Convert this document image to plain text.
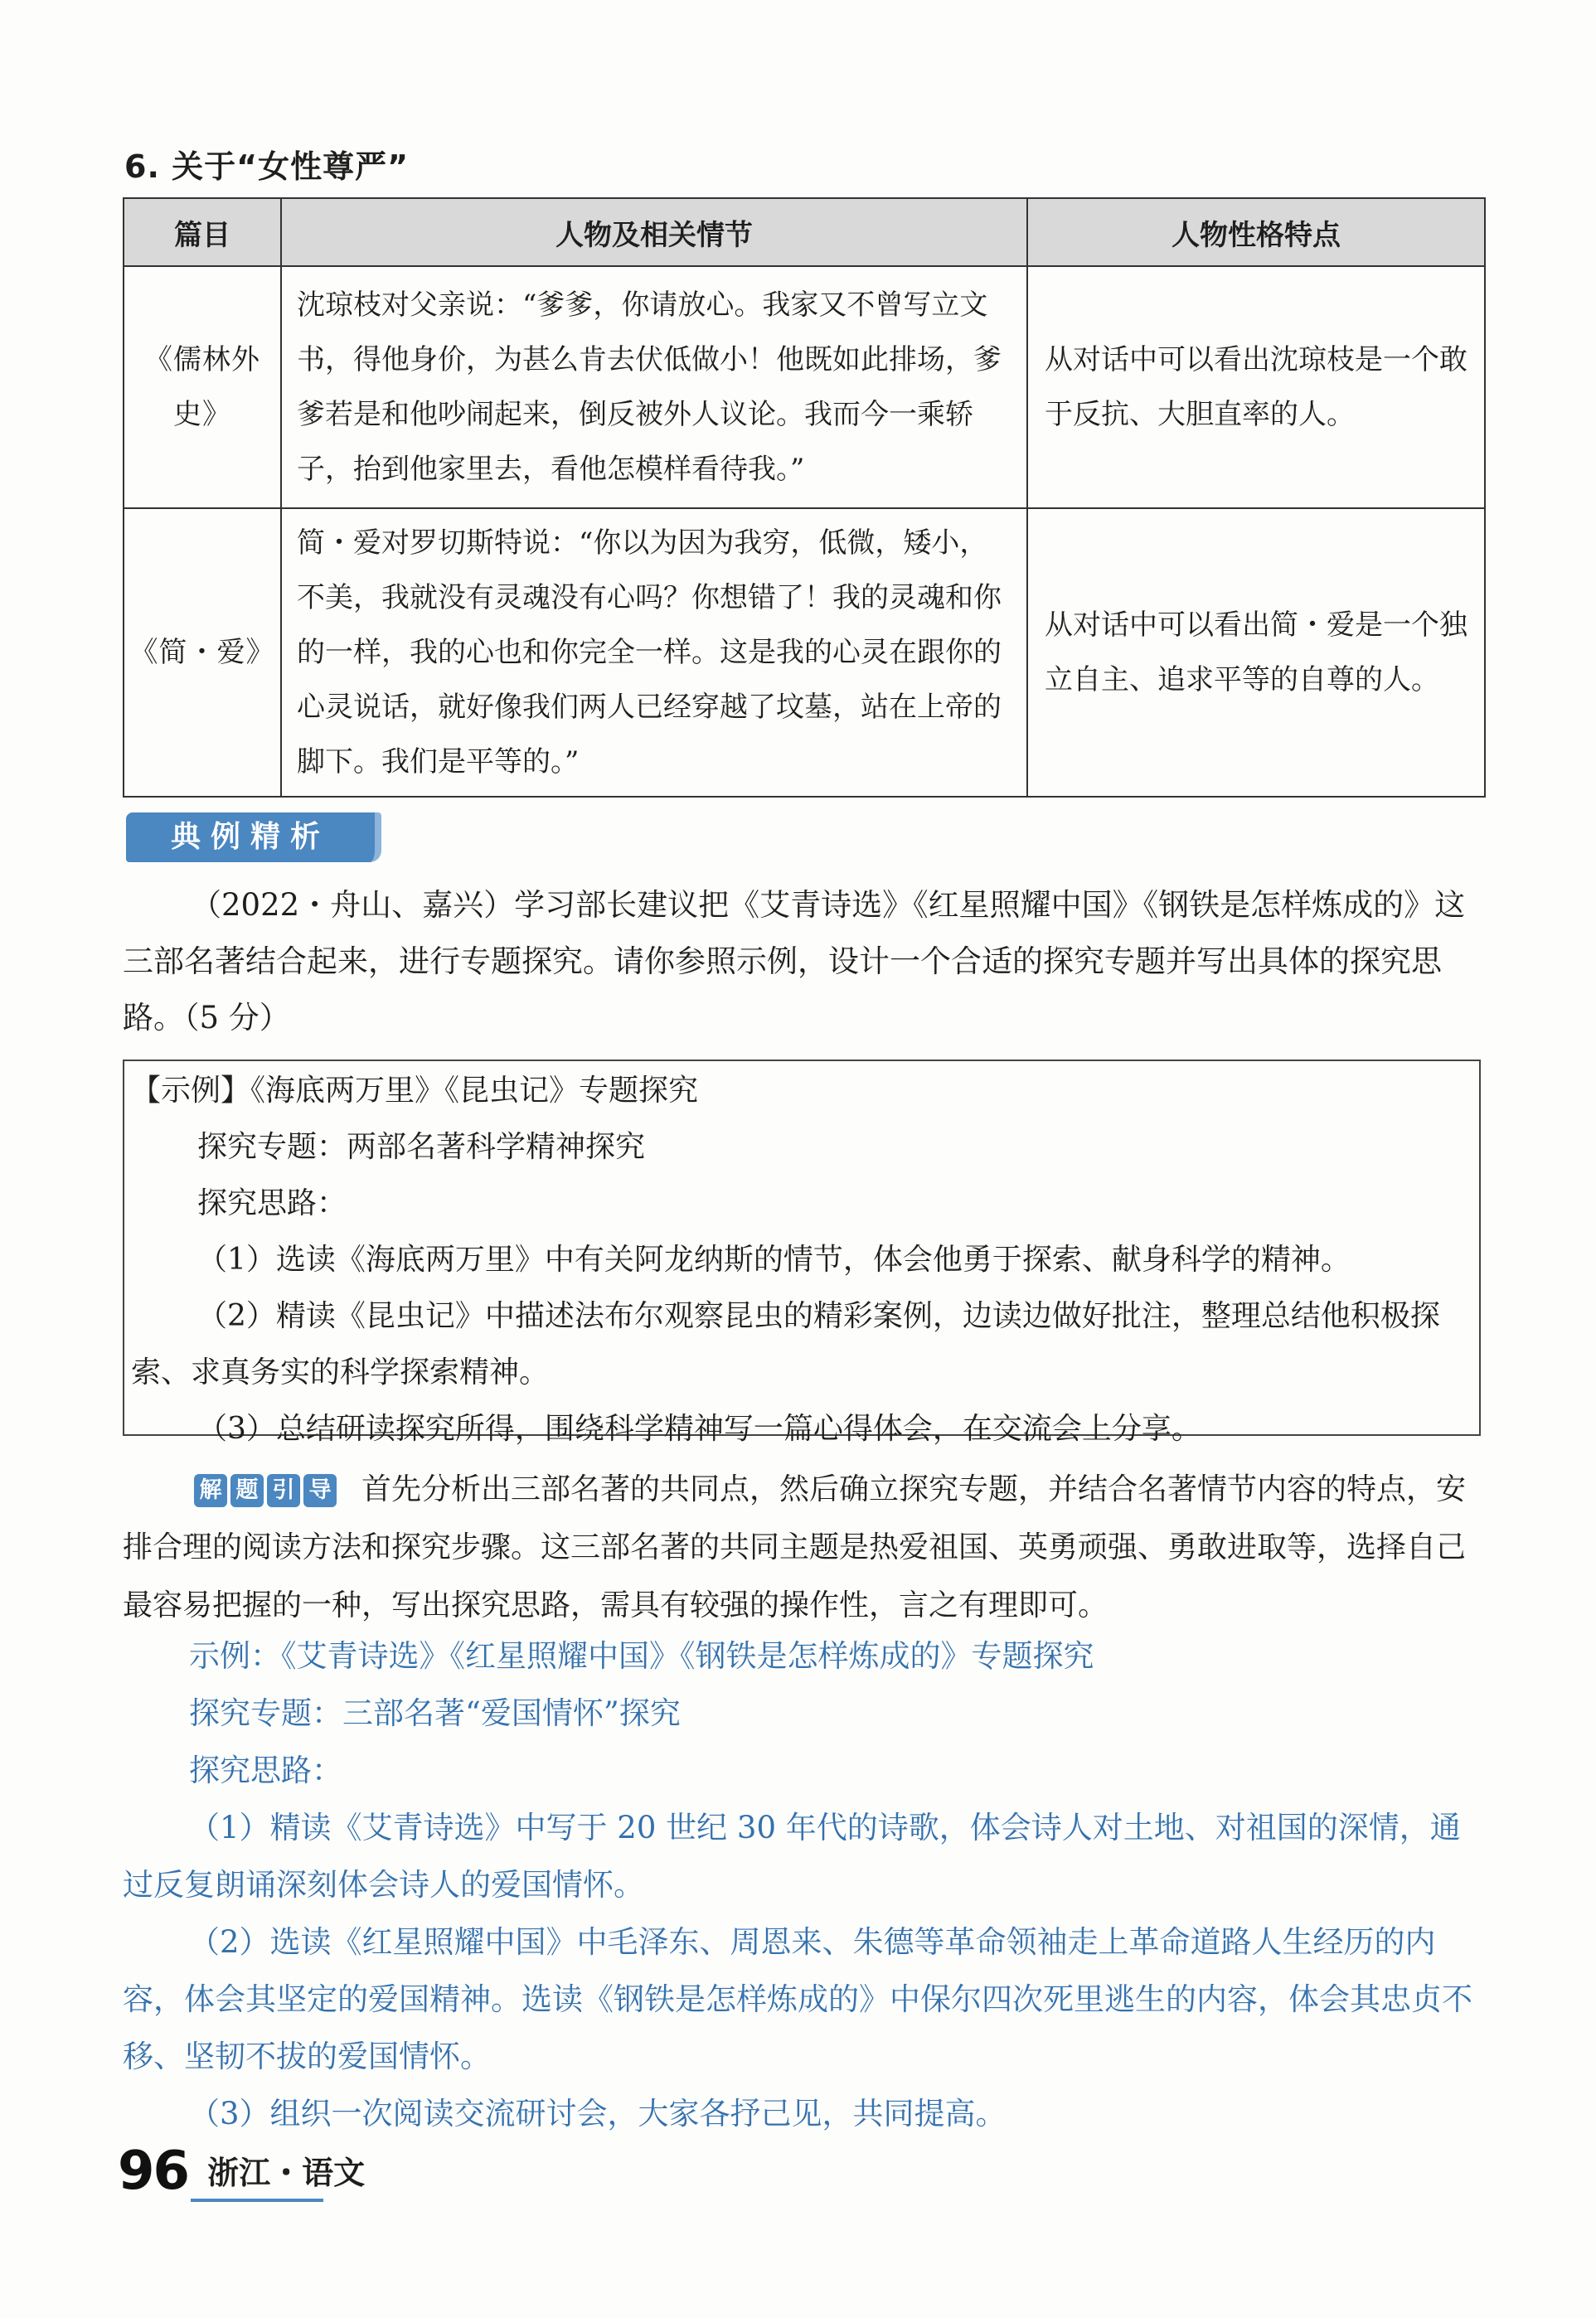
6. 关于“女性尊严”
篇目	人物及相关情节	人物性格特点
《儒林外史》	沈琼枝对父亲说：“爹爹，你请放心。我家又不曾写立文书，得他身价，为甚么肯去伏低做小！他既如此排场，爹爹若是和他吵闹起来，倒反被外人议论。我而今一乘轿子，抬到他家里去，看他怎模样看待我。”	从对话中可以看出沈琼枝是一个敢于反抗、大胆直率的人。
《简・爱》	简・爱对罗切斯特说：“你以为因为我穷，低微，矮小，不美，我就没有灵魂没有心吗？你想错了！我的灵魂和你的一样，我的心也和你完全一样。这是我的心灵在跟你的心灵说话，就好像我们两人已经穿越了坟墓，站在上帝的脚下。我们是平等的。”	从对话中可以看出简・爱是一个独立自主、追求平等的自尊的人。
典例精析
（2022・舟山、嘉兴）学习部长建议把《艾青诗选》《红星照耀中国》《钢铁是怎样炼成的》这三部名著结合起来，进行专题探究。请你参照示例，设计一个合适的探究专题并写出具体的探究思路。（5 分）

【示例】《海底两万里》《昆虫记》专题探究

探究专题：两部名著科学精神探究

探究思路：

（1）选读《海底两万里》中有关阿龙纳斯的情节，体会他勇于探索、献身科学的精神。

（2）精读《昆虫记》中描述法布尔观察昆虫的精彩案例，边读边做好批注，整理总结他积极探索、求真务实的科学探索精神。

（3）总结研读探究所得，围绕科学精神写一篇心得体会，在交流会上分享。

解 题 引 导 首先分析出三部名著的共同点，然后确立探究专题，并结合名著情节内容的特点，安排合理的阅读方法和探究步骤。这三部名著的共同主题是热爱祖国、英勇顽强、勇敢进取等，选择自己最容易把握的一种，写出探究思路，需具有较强的操作性，言之有理即可。

示例：《艾青诗选》《红星照耀中国》《钢铁是怎样炼成的》专题探究

探究专题：三部名著“爱国情怀”探究

探究思路：

（1）精读《艾青诗选》中写于 20 世纪 30 年代的诗歌，体会诗人对土地、对祖国的深情，通过反复朗诵深刻体会诗人的爱国情怀。

（2）选读《红星照耀中国》中毛泽东、周恩来、朱德等革命领袖走上革命道路人生经历的内容，体会其坚定的爱国精神。选读《钢铁是怎样炼成的》中保尔四次死里逃生的内容，体会其忠贞不移、坚韧不拔的爱国情怀。

（3）组织一次阅读交流研讨会，大家各抒己见，共同提高。

96 浙江・语文
